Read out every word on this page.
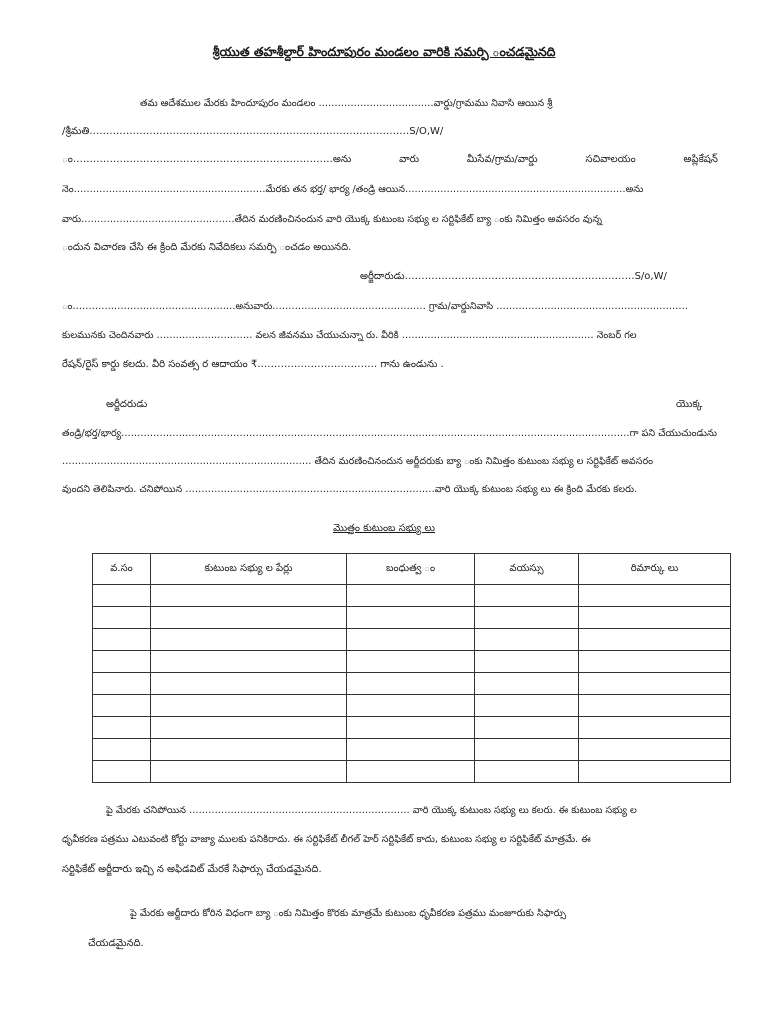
శ్రీయుత తహశీల్దార్ హిందూపురం మండలం వారికి సమర్పి ంచడమైనది
తమ ఆదేశముల మేరకు హిందూపురం మండలం ………………………………వార్డు/గ్రామము నివాసి ఆయిన శ్రీ
/శ్రీమతి……………………………………………………………………………………S/O,W/
ం……………………………………………………………………అను	వారు	మీసేవ/గ్రామ/వార్డు	సచివాలయం	అప్లికేషన్
నెం……………………………………………………మేరకు తన భర్త/ భార్య /తండ్రి ఆయిన……………………………………………………………అను
వారు…………………………………………తేదిన మరణించినందున వారి యొక్క కుటుంబ సభ్యు ల సర్టిఫికేట్ బ్యా ంకు నిమిత్తం అవసరం వున్న
ందున విచారణ చేసి ఈ క్రింది మేరకు నివేదికలు సమర్పి ంచడం అయినది.
అర్జీదారుడు……………………………………………………………S/o,W/
ం……………………………………………అనువారు………………………………………… గ్రామ/వార్డునివాసి ……………………………………………………
కులమునకు చెందినవారు ………………………… వలన జీవనము చేయుచున్నా రు. వీరికి …………………………………………………… నెంబర్ గల
రేషన్/రైస్ కార్డు కలదు. వీరి సంవత్స ర ఆదాయం ₹……………………………… గాను ఉండును .
అర్జీదరుడు	యొక్క
తండ్రి/భర్త/భార్య……………………………………………………………………………………………………………………………………………గా పని చేయుచుండును
…………………………………………………………………… తేదిన మరణించినందున అర్జీదరుకు బ్యా ంకు నిమిత్తం కుటుంబ సభ్యు ల సర్టిఫికేట్ అవసరం
వుందని తెలిపినారు. చనిపోయిన ……………………………………………………………………వారి యొక్క కుటుంబ సభ్యు లు ఈ క్రింది మేరకు కలరు.
మొత్తం కుటుంబ సభ్యు లు
వ.సం	కుటుంబ సభ్యు ల పేర్లు	బంధుత్వ ం	వయస్సు	రిమార్కు లు

పై మేరకు చనిపోయిన …………………………………………………………… వారి యొక్క కుటుంబ సభ్యు లు కలరు. ఈ కుటుంబ సభ్యు ల
ధృవీకరణ పత్రము ఎటువంటి కోర్టు వాజ్యా ములకు పనికిరాదు. ఈ సర్టిఫికేట్ లీగల్ హెర్ సర్టిఫికేట్ కాదు, కుటుంబ సభ్యు ల సర్టిఫికేట్ మాత్రమే. ఈ
సర్టిఫికేట్ అర్జీదారు ఇచ్చి న అఫిడవిట్ మేరకే సిఫార్సు చేయడమైనది.
పై మేరకు అర్జీదారు కోరిన విధంగా బ్యా ంకు నిమిత్తం కొరకు మాత్రమే కుటుంబ ధృవీకరణ పత్రము మంజూరుకు సిఫార్సు
చేయడమైనది.
